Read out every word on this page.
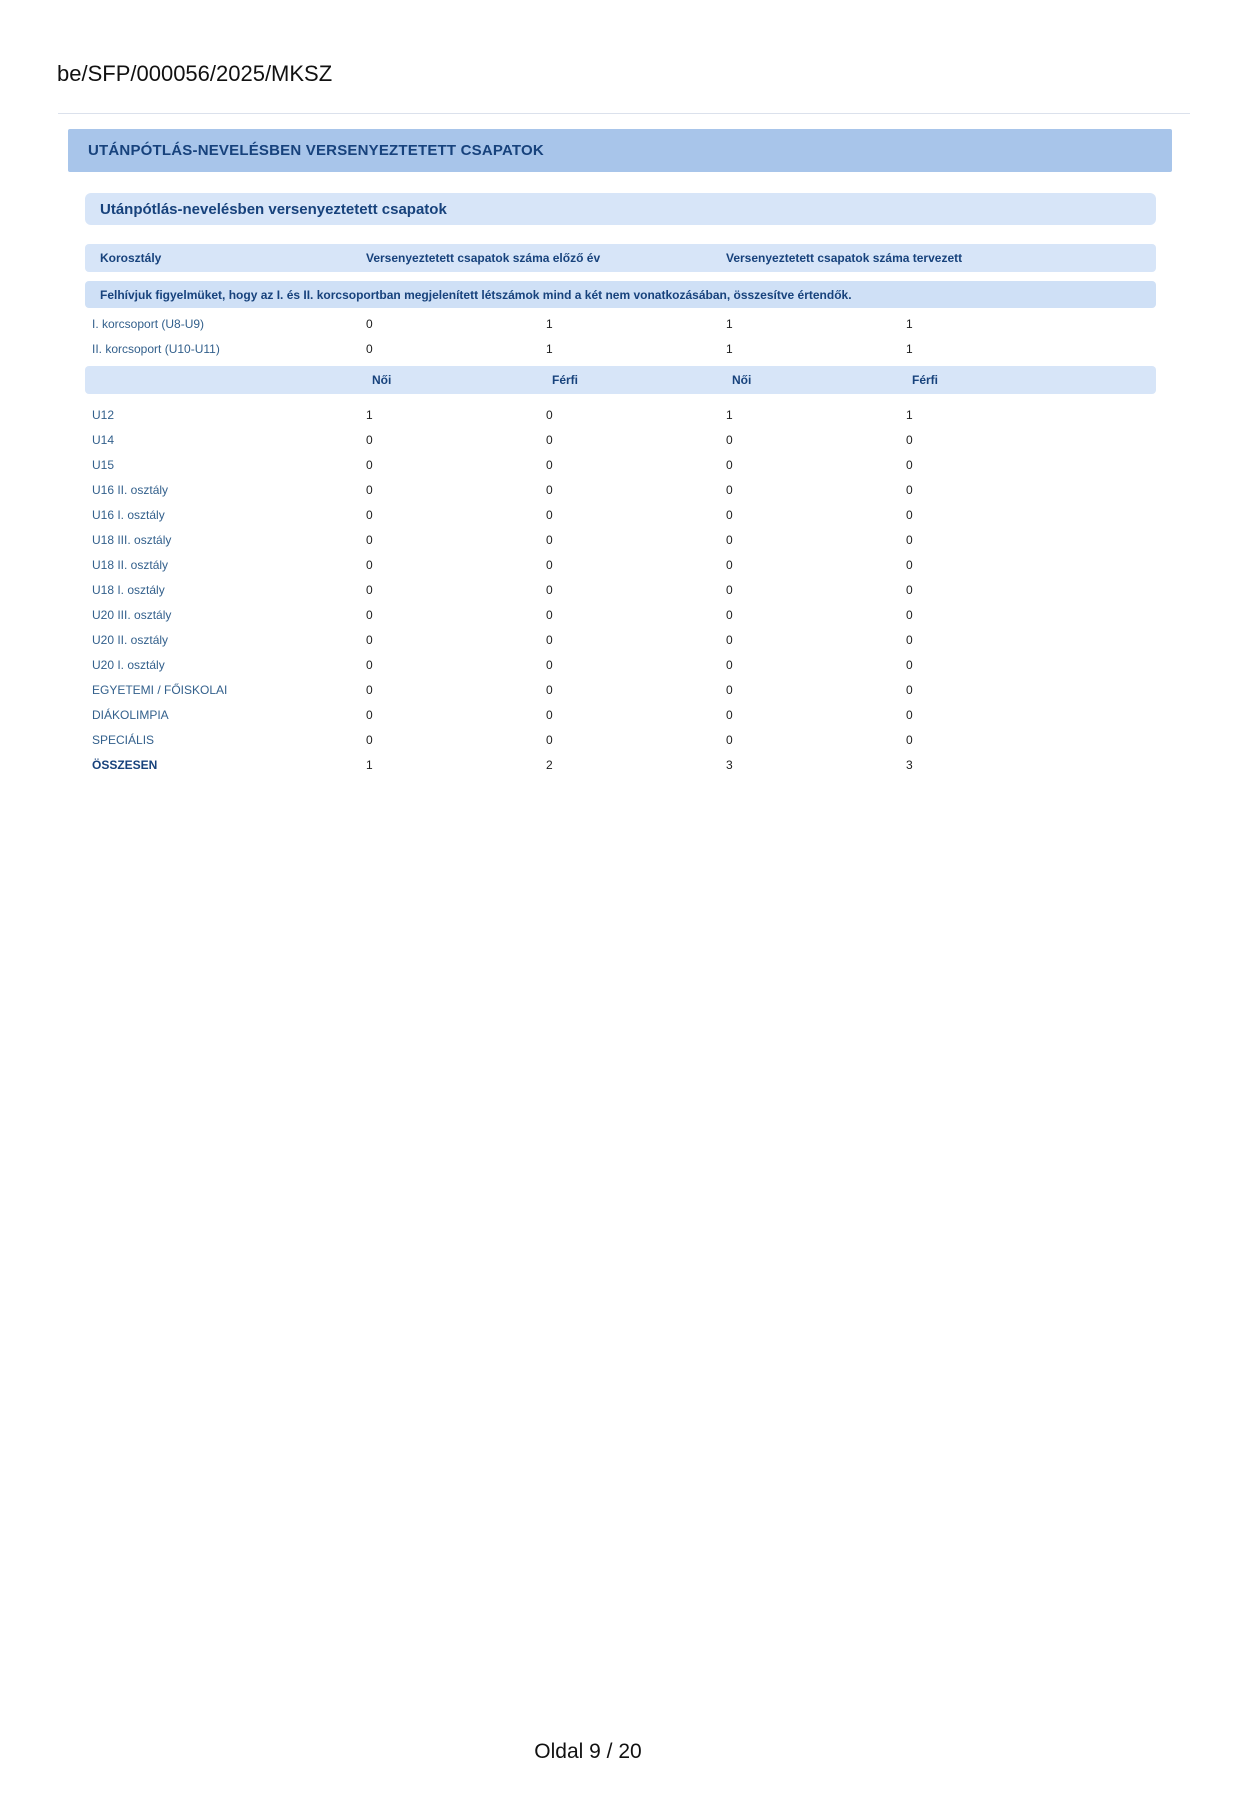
be/SFP/000056/2025/MKSZ
UTÁNPÓTLÁS-NEVELÉSBEN VERSENYEZTETETT CSAPATOK
Utánpótlás-nevelésben versenyeztetett csapatok
Korosztály	Versenyeztetett csapatok száma előző év	Versenyeztetett csapatok száma tervezett
Felhívjuk figyelmüket, hogy az I. és II. korcsoportban megjelenített létszámok mind a két nem vonatkozásában, összesítve értendők.
I. korcsoport (U8-U9)	0	1	1	1
II. korcsoport (U10-U11)	0	1	1	1
Női	Férfi	Női	Férfi
U12	1	0	1	1
U14	0	0	0	0
U15	0	0	0	0
U16 II. osztály	0	0	0	0
U16 I. osztály	0	0	0	0
U18 III. osztály	0	0	0	0
U18 II. osztály	0	0	0	0
U18 I. osztály	0	0	0	0
U20 III. osztály	0	0	0	0
U20 II. osztály	0	0	0	0
U20 I. osztály	0	0	0	0
EGYETEMI / FŐISKOLAI	0	0	0	0
DIÁKOLIMPIA	0	0	0	0
SPECIÁLIS	0	0	0	0
ÖSSZESEN	1	2	3	3
Oldal 9 / 20
